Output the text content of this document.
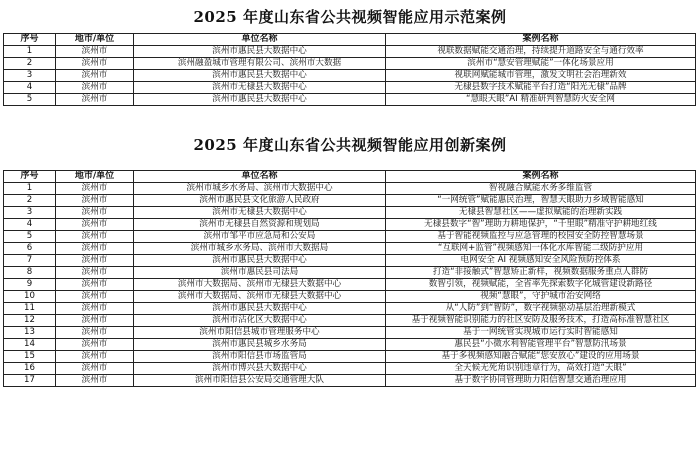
2025 年度山东省公共视频智能应用示范案例
序号	地市/单位	单位名称	案例名称
1	滨州市	滨州市惠民县大数据中心	视联数据赋能交通治理，持续提升道路安全与通行效率
2	滨州市	滨州融盈城市管理有限公司、滨州市大数据	滨州市“慧安管理赋能”一体化场景应用
3	滨州市	滨州市惠民县大数据中心	视联网赋能城市管理，激发文明社会治理新效
4	滨州市	滨州市无棣县大数据中心	无棣县数字技术赋能平台打造“阳光无棣”品牌
5	滨州市	滨州市惠民县大数据中心	“慧眼天眼”AI 精准研判智慧防火安全网
2025 年度山东省公共视频智能应用创新案例
序号	地市/单位	单位名称	案例名称
1	滨州市	滨州市城乡水务局、滨州市大数据中心	智视融合赋能水务多维监管
2	滨州市	滨州市惠民县文化旅游人民政府	“一网统管”赋能惠民治理，智慧天眼助力乡域智能感知
3	滨州市	滨州市无棣县大数据中心	无棣县智慧社区——虚拟赋能的治理新实践
4	滨州市	滨州市无棣县自然资源和规划局	无棣县数字“智”理助力耕地保护，“千里眼”精准守护耕地红线
5	滨州市	滨州市邹平市应急局和公安局	基于智能视频监控与应急管理的校园安全防控智慧场景
6	滨州市	滨州市城乡水务局、滨州市大数据局	“互联网+监管”视频感知一体化水库智能二级防护应用
7	滨州市	滨州市惠民县大数据中心	电网安全 AI 视频感知安全风险预防控体系
8	滨州市	滨州市惠民县司法局	打造“非接触式”智慧矫正新样，视频数据服务重点人群防
9	滨州市	滨州市大数据局、滨州市无棣县大数据中心	数智引领，视频赋能，全省率先探索数字化城管建设新路径
10	滨州市	滨州市大数据局、滨州市无棣县大数据中心	视频“慧眼”，守护城市治安网络
11	滨州市	滨州市惠民县大数据中心	从“人防”到“智防”，数字视频驱动基层治理新模式
12	滨州市	滨州市沾化区大数据中心	基于视频智能识别能力的社区安防及服务技术，打造高标准智慧社区
13	滨州市	滨州市阳信县城市管理服务中心	基于一网统管实现城市运行实时智能感知
14	滨州市	滨州市惠民县城乡水务局	惠民县“小微水利智能管理平台”智慧防汛场景
15	滨州市	滨州市阳信县市场监管局	基于多视频感知融合赋能“您安放心”建设的应用场景
16	滨州市	滨州市博兴县大数据中心	全天候无死角识别违章行为，高效打造“天眼”
17	滨州市	滨州市阳信县公安局交通管理大队	基于数字协同管理助力阳信智慧交通治理应用
